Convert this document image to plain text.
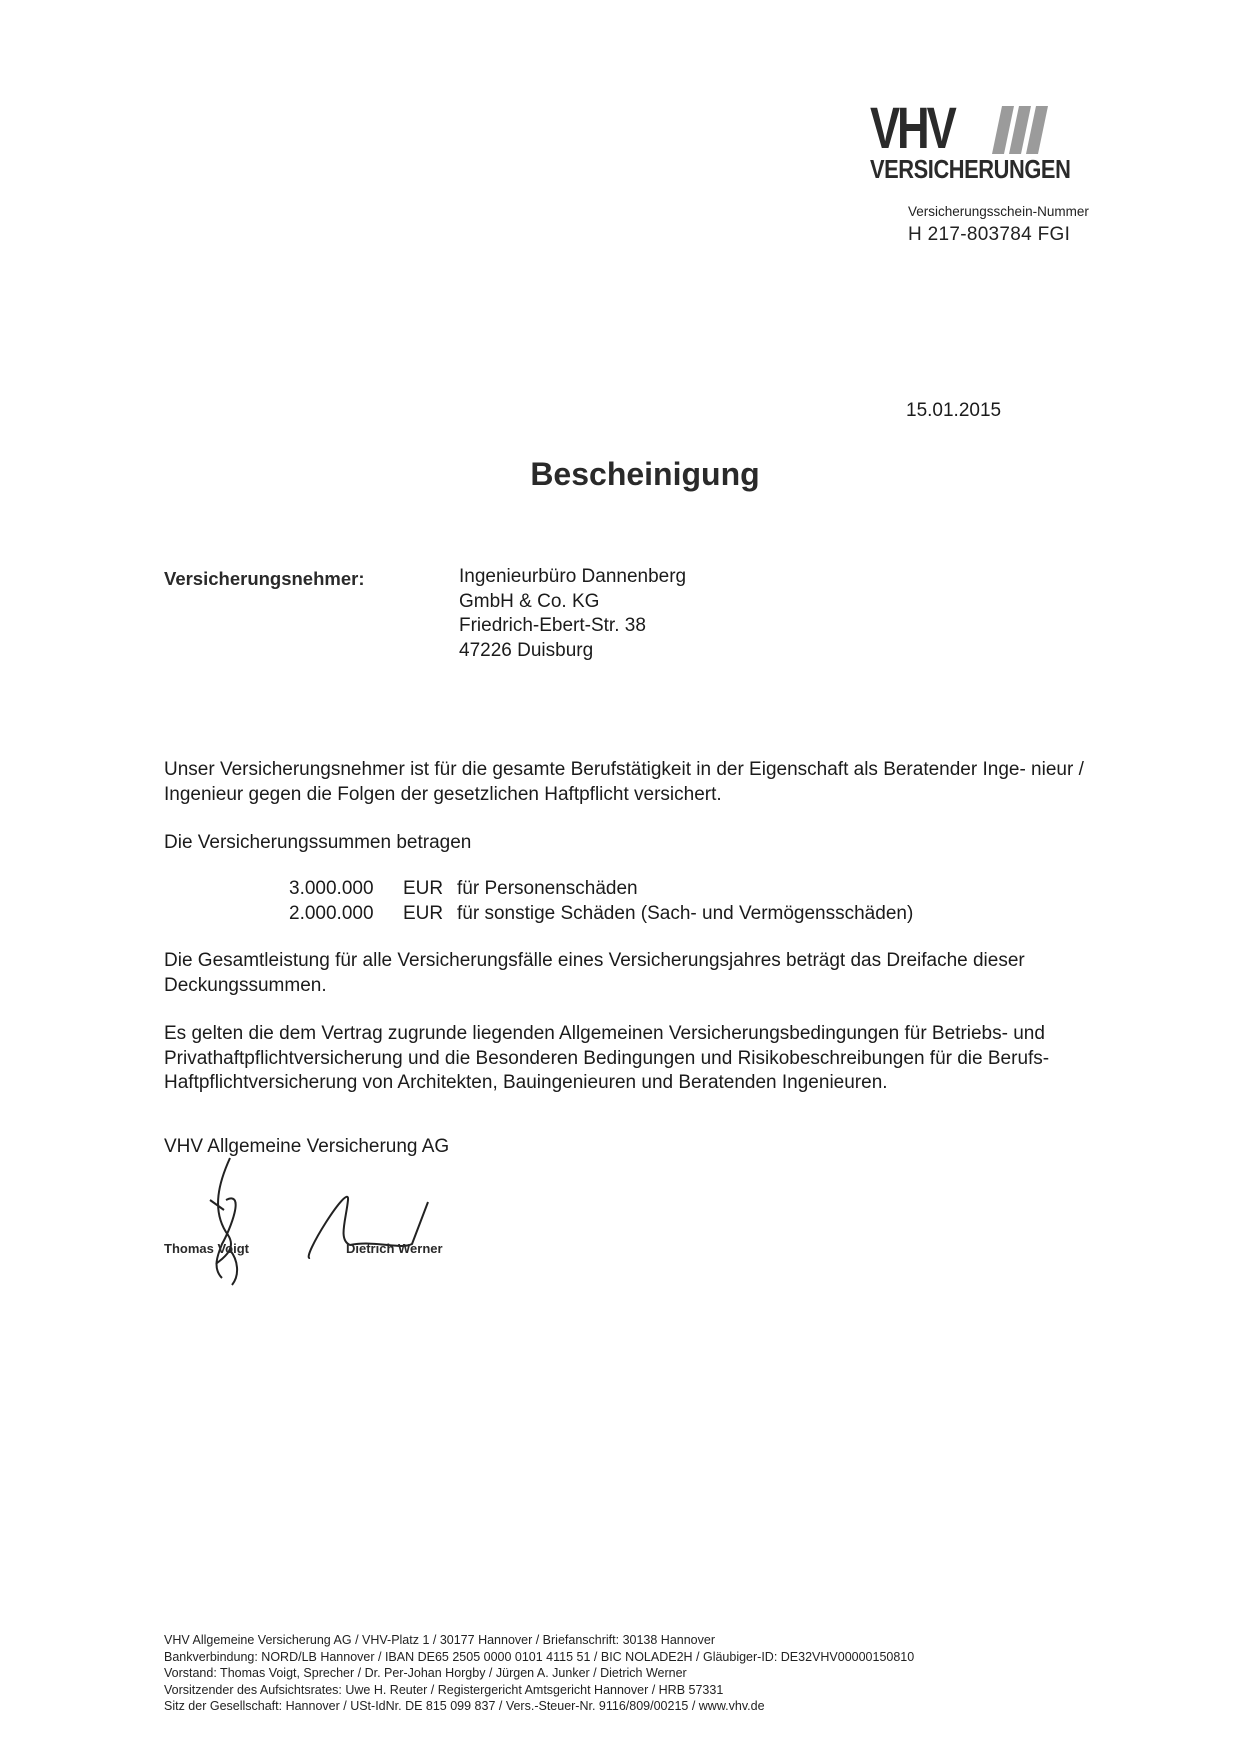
VHV
VERSICHERUNGEN
Versicherungsschein-Nummer
H 217-803784 FGI
15.01.2015
Bescheinigung
Versicherungsnehmer:	Ingenieurbüro Dannenberg
GmbH & Co. KG
Friedrich-Ebert-Str. 38
47226 Duisburg
Unser Versicherungsnehmer ist für die gesamte Berufstätigkeit in der Eigenschaft als Beratender Inge- nieur / Ingenieur gegen die Folgen der gesetzlichen Haftpflicht versichert.
Die Versicherungssummen betragen
3.000.000 EUR für Personenschäden
2.000.000 EUR für sonstige Schäden (Sach- und Vermögensschäden)
Die Gesamtleistung für alle Versicherungsfälle eines Versicherungsjahres beträgt das Dreifache dieser Deckungssummen.
Es gelten die dem Vertrag zugrunde liegenden Allgemeinen Versicherungsbedingungen für Betriebs- und Privathaftpflichtversicherung und die Besonderen Bedingungen und Risikobeschreibungen für die Berufs-Haftpflichtversicherung von Architekten, Bauingenieuren und Beratenden Ingenieuren.
VHV Allgemeine Versicherung AG
Thomas Voigt	Dietrich Werner
VHV Allgemeine Versicherung AG / VHV-Platz 1 / 30177 Hannover / Briefanschrift: 30138 Hannover
Bankverbindung: NORD/LB Hannover / IBAN DE65 2505 0000 0101 4115 51 / BIC NOLADE2H / Gläubiger-ID: DE32VHV00000150810
Vorstand: Thomas Voigt, Sprecher / Dr. Per-Johan Horgby / Jürgen A. Junker / Dietrich Werner
Vorsitzender des Aufsichtsrates: Uwe H. Reuter / Registergericht Amtsgericht Hannover / HRB 57331
Sitz der Gesellschaft: Hannover / USt-IdNr. DE 815 099 837 / Vers.-Steuer-Nr. 9116/809/00215 / www.vhv.de
